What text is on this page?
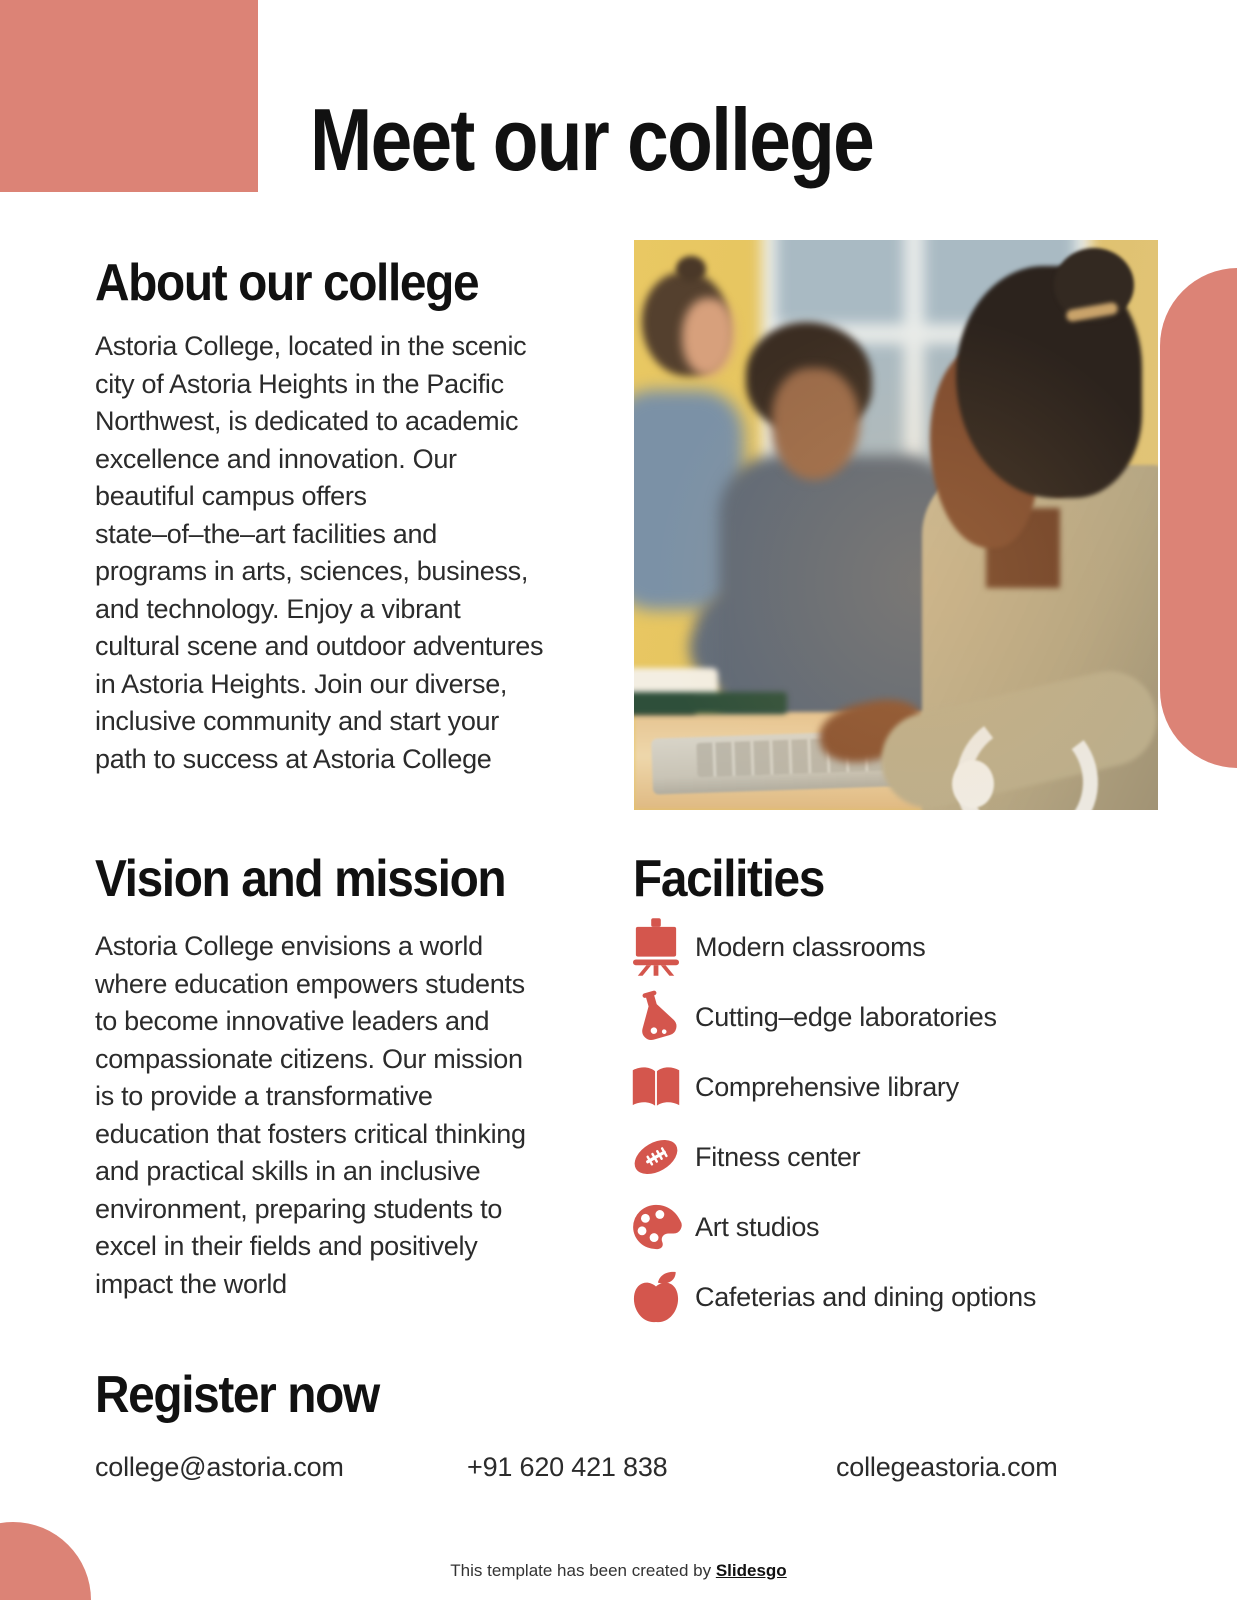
Meet our college
About our college
Astoria College, located in the scenic
city of Astoria Heights in the Pacific
Northwest, is dedicated to academic
excellence and innovation. Our
beautiful campus offers
state–of–the–art facilities and
programs in arts, sciences, business,
and technology. Enjoy a vibrant
cultural scene and outdoor adventures
in Astoria Heights. Join our diverse,
inclusive community and start your
path to success at Astoria College
Vision and mission
Astoria College envisions a world
where education empowers students
to become innovative leaders and
compassionate citizens. Our mission
is to provide a transformative
education that fosters critical thinking
and practical skills in an inclusive
environment, preparing students to
excel in their fields and positively
impact the world
Facilities
Modern classrooms
Cutting–edge laboratories
Comprehensive library
Fitness center
Art studios
Cafeterias and dining options
Register now
college@astoria.com	+91 620 421 838	collegeastoria.com
This template has been created by Slidesgo
